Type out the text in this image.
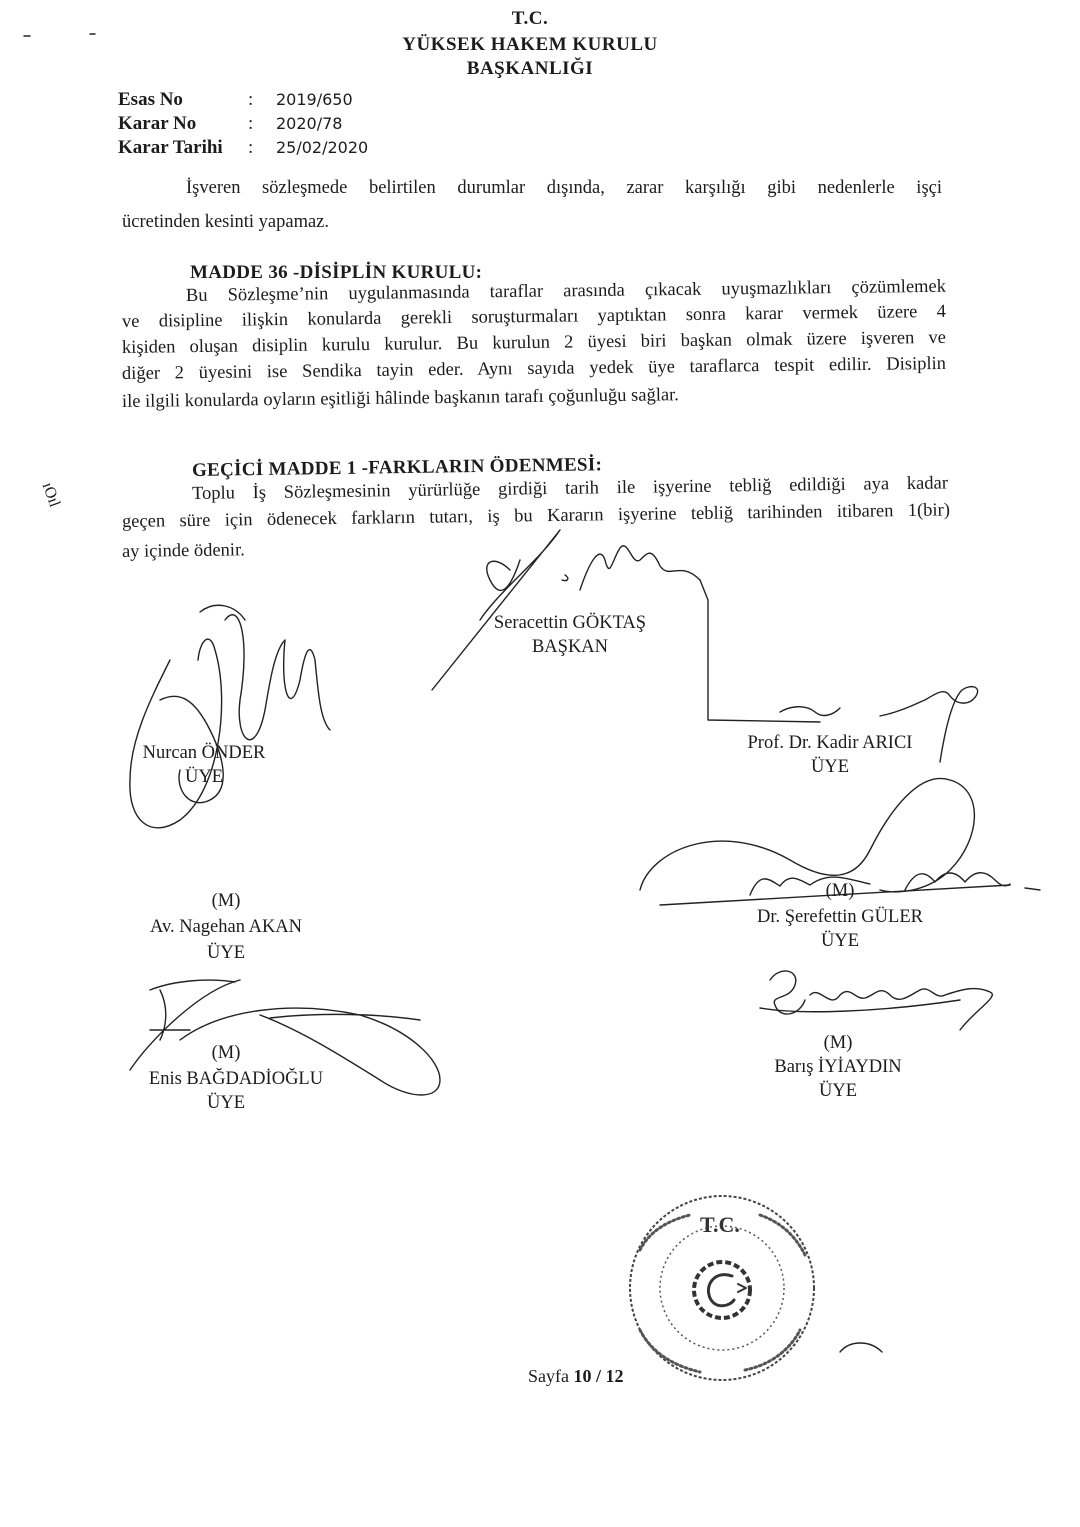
T.C.
YÜKSEK HAKEM KURULU
BAŞKANLIĞI
Esas No	: 2019/650
Karar No	: 2020/78
Karar Tarihi : 25/02/2020
İşveren sözleşmede belirtilen durumlar dışında, zarar karşılığı gibi nedenlerle işçi
ücretinden kesinti yapamaz.
MADDE 36 -DİSİPLİN KURULU:
Bu Sözleşme’nin uygulanmasında taraflar arasında çıkacak uyuşmazlıkları çözümlemek
ve disipline ilişkin konularda gerekli soruşturmaları yaptıktan sonra karar vermek üzere 4
kişiden oluşan disiplin kurulu kurulur. Bu kurulun 2 üyesi biri başkan olmak üzere işveren ve
diğer 2 üyesini ise Sendika tayin eder. Aynı sayıda yedek üye taraflarca tespit edilir. Disiplin
ile ilgili konularda oyların eşitliği hâlinde başkanın tarafı çoğunluğu sağlar.
ıOıl
GEÇİCİ MADDE 1 -FARKLARIN ÖDENMESİ:
Toplu İş Sözleşmesinin yürürlüğe girdiği tarih ile işyerine tebliğ edildiği aya kadar
geçen süre için ödenecek farkların tutarı, iş bu Kararın işyerine tebliğ tarihinden itibaren 1(bir)
ay içinde ödenir.
Seracettin GÖKTAŞ
BAŞKAN
Nurcan ÖNDER
ÜYE
Prof. Dr. Kadir ARICI
ÜYE
(M)
Av. Nagehan AKAN
ÜYE
(M)
Dr. Şerefettin GÜLER
ÜYE
(M)
Enis BAĞDADİOĞLU
ÜYE
(M)
Barış İYİAYDIN
ÜYE
T.C.
Sayfa 10 / 12
